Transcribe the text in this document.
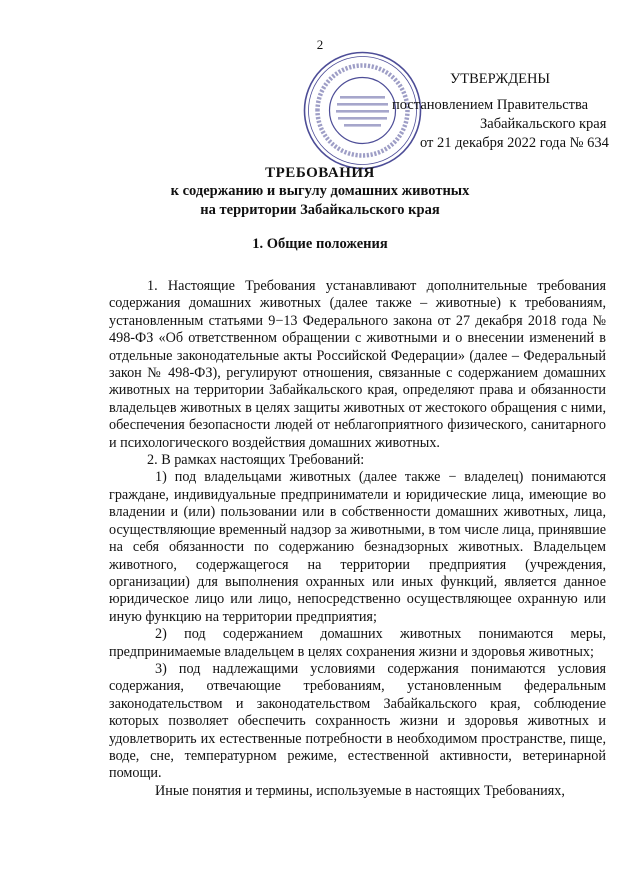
2
УТВЕРЖДЕНЫ
постановлением Правительства
Забайкальского края
от 21 декабря 2022 года № 634
ТРЕБОВАНИЯ
к содержанию и выгулу домашних животных
на территории Забайкальского края
1. Общие положения

1. Настоящие Требования устанавливают дополнительные требования содержания домашних животных (далее также – животные) к требованиям, установленным статьями 9−13 Федерального закона от 27 декабря 2018 года № 498-ФЗ «Об ответственном обращении с животными и о внесении изменений в отдельные законодательные акты Российской Федерации» (далее – Федеральный закон № 498-ФЗ), регулируют отношения, связанные с содержанием домашних животных на территории Забайкальского края, определяют права и обязанности владельцев животных в целях защиты животных от жестокого обращения с ними, обеспечения безопасности людей от неблагоприятного физического, санитарного и психологического воздействия домашних животных.

2. В рамках настоящих Требований:

1) под владельцами животных (далее также − владелец) понимаются граждане, индивидуальные предприниматели и юридические лица, имеющие во владении и (или) пользовании или в собственности домашних животных, лица, осуществляющие временный надзор за животными, в том числе лица, принявшие на себя обязанности по содержанию безнадзорных животных. Владельцем животного, содержащегося на территории предприятия (учреждения, организации) для выполнения охранных или иных функций, является данное юридическое лицо или лицо, непосредственно осуществляющее охранную или иную функцию на территории предприятия;

2) под содержанием домашних животных понимаются меры, предпринимаемые владельцем в целях сохранения жизни и здоровья животных;

3) под надлежащими условиями содержания понимаются условия содержания, отвечающие требованиям, установленным федеральным законодательством и законодательством Забайкальского края, соблюдение которых позволяет обеспечить сохранность жизни и здоровья животных и удовлетворить их естественные потребности в необходимом пространстве, пище, воде, сне, температурном режиме, естественной активности, ветеринарной помощи.

Иные понятия и термины, используемые в настоящих Требованиях,
